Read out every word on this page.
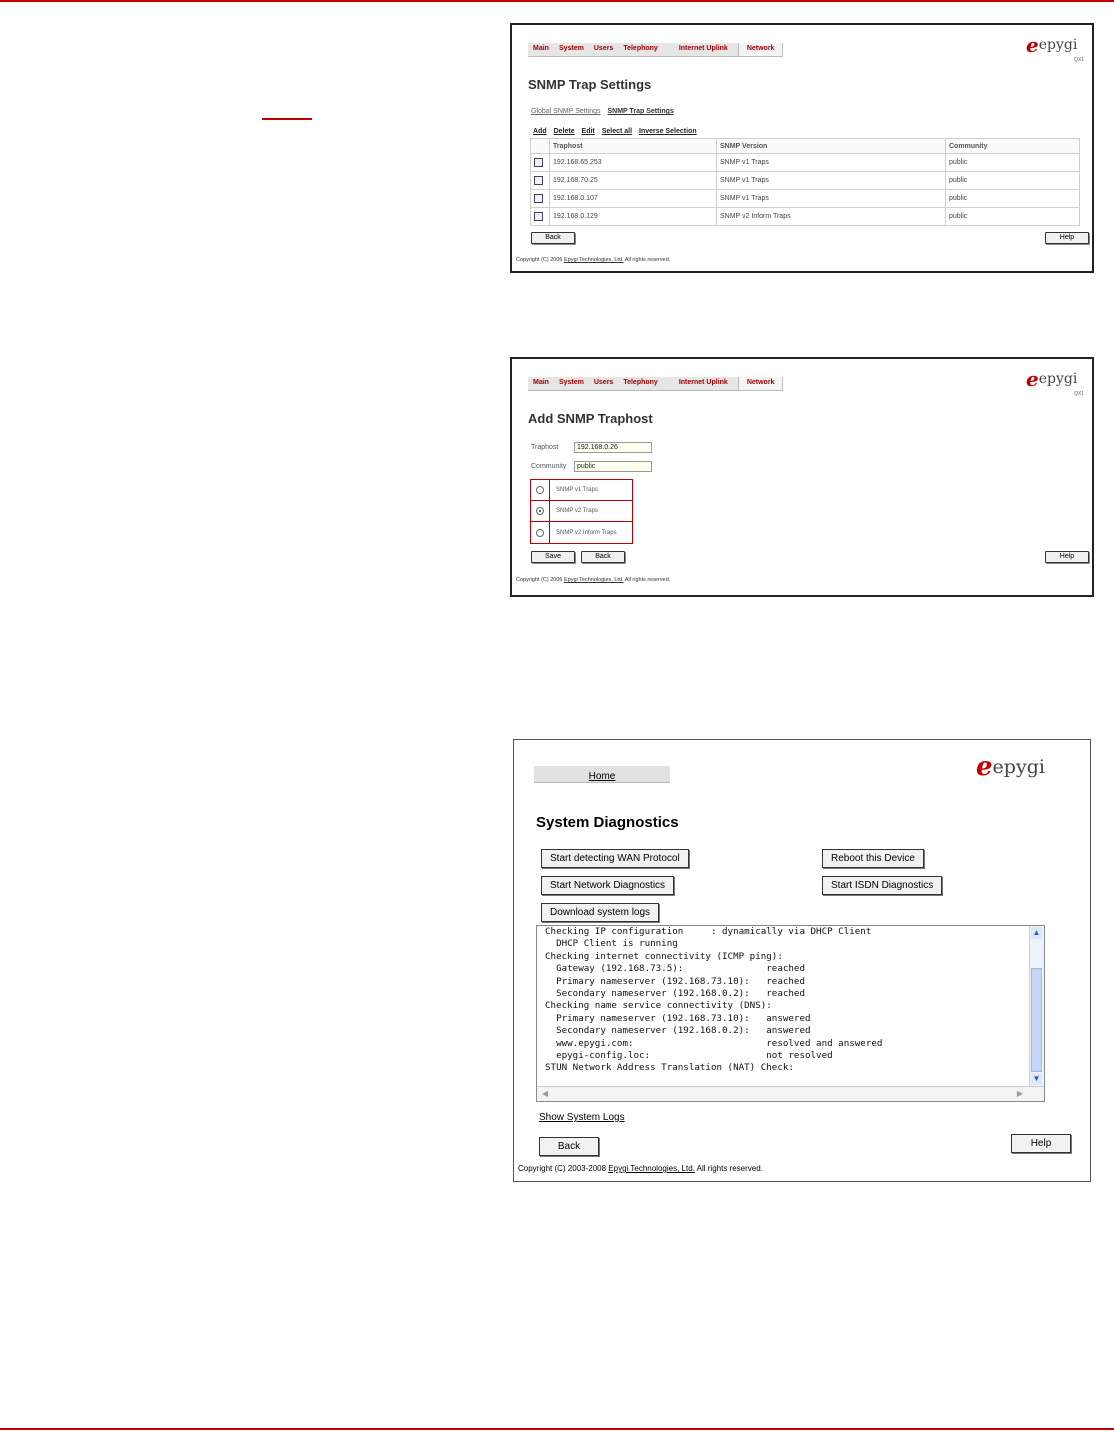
Main	System	Users	Telephony	Internet Uplink	Network	e epygi
QX1
SNMP Trap Settings
Global SNMP Settings SNMP Trap Settings
Add Delete Edit Select all Inverse Selection
	Traphost	SNMP Version	Community
	192.168.65.253	SNMP v1 Traps	public
	192.168.70.25	SNMP v1 Traps	public
	192.168.0.107	SNMP v1 Traps	public
	192.168.0.129	SNMP v2 Inform Traps	public
Back	Help
Copyright (C) 2006 Epygi Technologies, Ltd. All rights reserved.
Main	System	Users	Telephony	Internet Uplink	Network	e epygi
QX1
Add SNMP Traphost
Traphost	192.168.0.26
Community	public
SNMP v1 Traps
SNMP v2 Traps
SNMP v2 Inform Traps
Save	Back	Help
Copyright (C) 2006 Epygi Technologies, Ltd. All rights reserved.
Home	e epygi
System Diagnostics
Start detecting WAN Protocol	Reboot this Device
Start Network Diagnostics	Start ISDN Diagnostics
Download system logs
Checking IP configuration     : dynamically via DHCP Client
DHCP Client is running
Checking internet connectivity (ICMP ping):
Gateway (192.168.73.5):               reached
Primary nameserver (192.168.73.10):   reached
Secondary nameserver (192.168.0.2):   reached
Checking name service connectivity (DNS):
Primary nameserver (192.168.73.10):   answered
Secondary nameserver (192.168.0.2):   answered
www.epygi.com:                        resolved and answered
epygi-config.loc:                     not resolved
STUN Network Address Translation (NAT) Check:
▲
▼
◀	▶
Show System Logs
Back	Help
Copyright (C) 2003-2008 Epygi Technologies, Ltd. All rights reserved.
